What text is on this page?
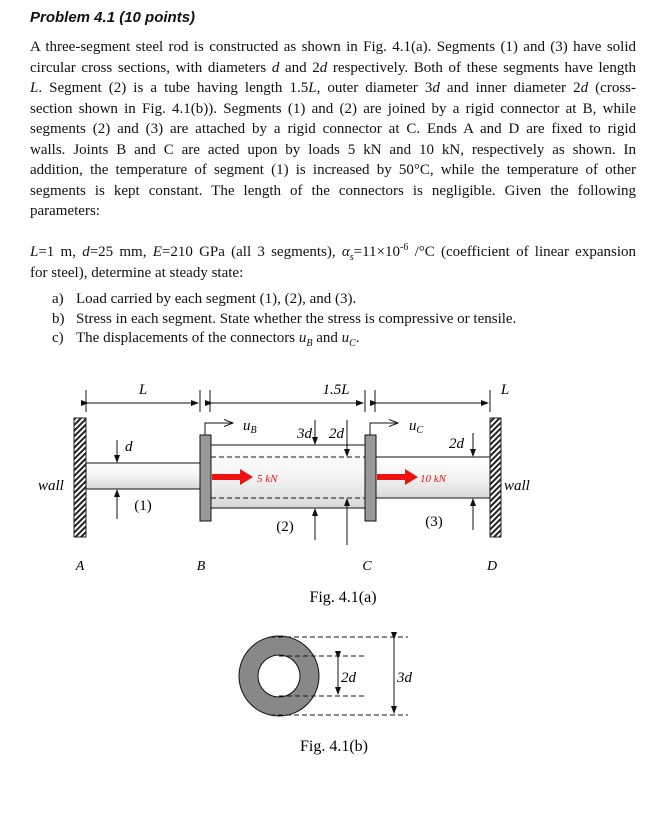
Problem 4.1 (10 points)
A three-segment steel rod is constructed as shown in Fig. 4.1(a). Segments (1) and (3) have solid
circular cross sections, with diameters d and 2d respectively. Both of these segments have length
L. Segment (2) is a tube having length 1.5L, outer diameter 3d and inner diameter 2d (cross-
section shown in Fig. 4.1(b)). Segments (1) and (2) are joined by a rigid connector at B, while
segments (2) and (3) are attached by a rigid connector at C. Ends A and D are fixed to rigid
walls. Joints B and C are acted upon by loads 5 kN and 10 kN, respectively as shown. In
addition, the temperature of segment (1) is increased by 50°C, while the temperature of other
segments is kept constant. The length of the connectors is negligible. Given the following
parameters:
L=1 m, d=25 mm, E=210 GPa (all 3 segments), $\alpha_s=11\times 10^{-6}$ /°C (coefficient of linear expansion
for steel), determine at steady state:
a) Load carried by each segment (1), (2), and (3).
b) Stress in each segment. State whether the stress is compressive or tensile.
c) The displacements of the connectors $u_B$ and $u_C$.
L	1.5L	L
$u_B$	$u_C$
5 kN	10 kN
d
3d 2d
2d
(1)
(2)	(3)
wall	wall
A	B	C	D
Fig. 4.1(a)
2d	3d
Fig. 4.1(b)
